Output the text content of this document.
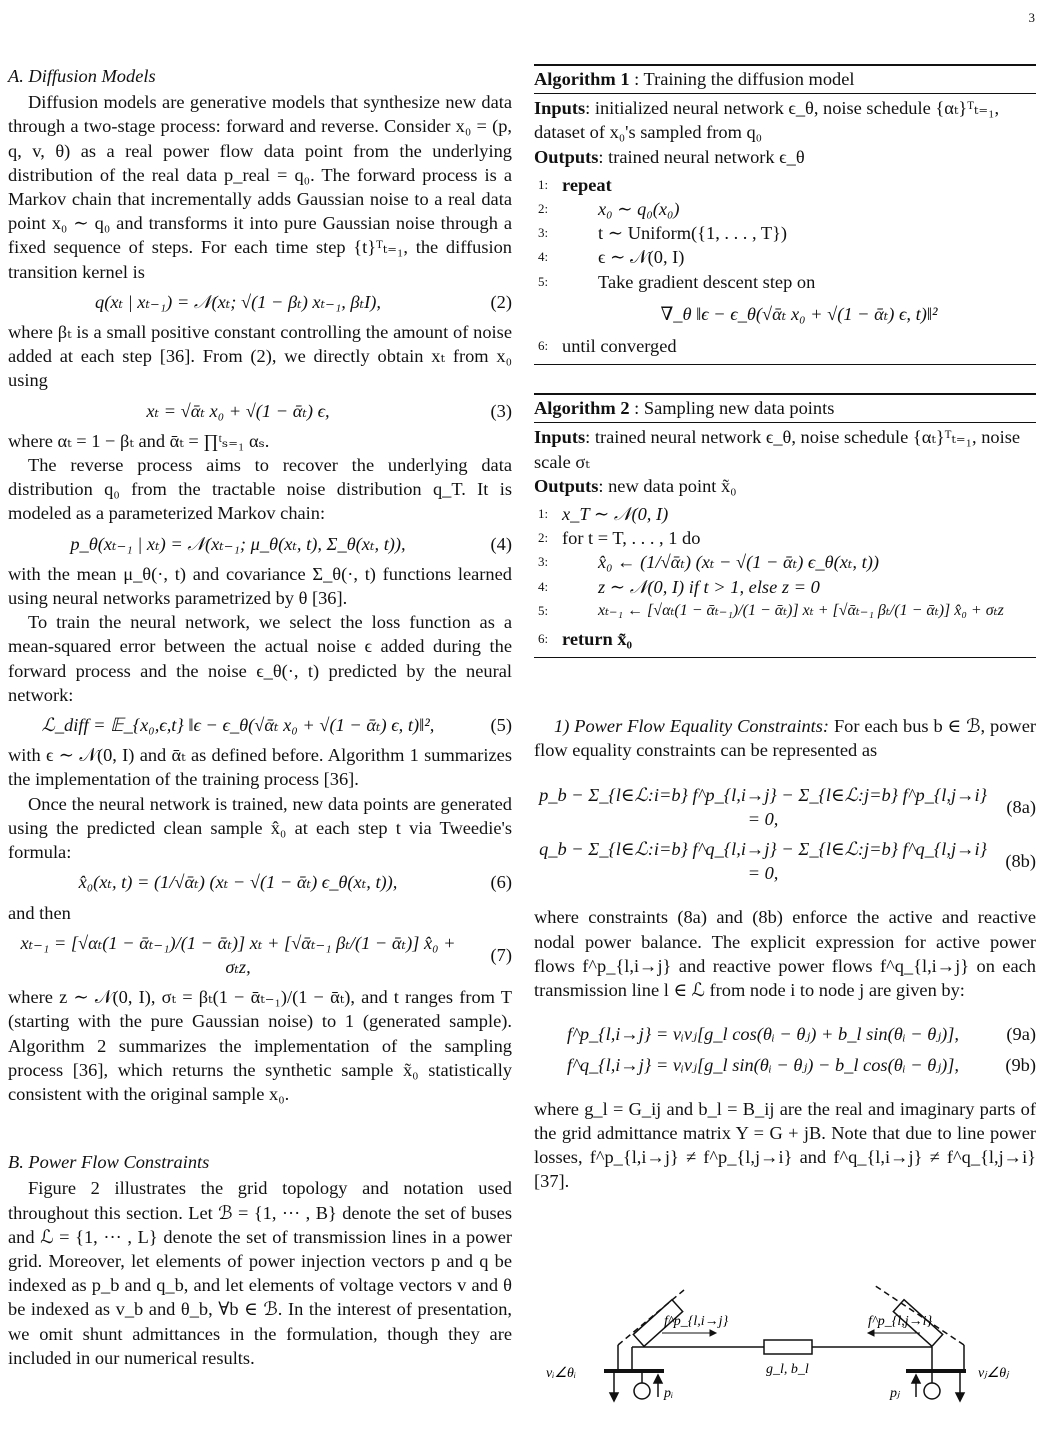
3
A. Diffusion Models

Diffusion models are generative models that synthesize new data through a two-stage process: forward and reverse. Consider x₀ = (p, q, v, θ) as a real power flow data point from the underlying distribution of the real data p_real = q₀. The forward process is a Markov chain that incrementally adds Gaussian noise to a real data point x₀ ∼ q₀ and transforms it into pure Gaussian noise through a fixed sequence of steps. For each time step {t}ᵀₜ₌₁, the diffusion transition kernel is

q(xₜ | xₜ₋₁) = 𝒩(xₜ; √(1 − βₜ) xₜ₋₁, βₜI),	(2)

where βₜ is a small positive constant controlling the amount of noise added at each step [36]. From (2), we directly obtain xₜ from x₀ using

xₜ = √ᾱₜ x₀ + √(1 − ᾱₜ) ϵ,	(3)

where αₜ = 1 − βₜ and ᾱₜ = ∏ᵗₛ₌₁ αₛ.

The reverse process aims to recover the underlying data distribution q₀ from the tractable noise distribution q_T. It is modeled as a parameterized Markov chain:

p_θ(xₜ₋₁ | xₜ) = 𝒩(xₜ₋₁; μ_θ(xₜ, t), Σ_θ(xₜ, t)),	(4)

with the mean μ_θ(·, t) and covariance Σ_θ(·, t) functions learned using neural networks parametrized by θ [36].

To train the neural network, we select the loss function as a mean-squared error between the actual noise ϵ added during the forward process and the noise ϵ_θ(·, t) predicted by the neural network:

ℒ_diff = 𝔼_{x₀,ϵ,t} ‖ϵ − ϵ_θ(√ᾱₜ x₀ + √(1 − ᾱₜ) ϵ, t)‖²,	(5)

with ϵ ∼ 𝒩(0, I) and ᾱₜ as defined before. Algorithm 1 summarizes the implementation of the training process [36].

Once the neural network is trained, new data points are generated using the predicted clean sample x̂₀ at each step t via Tweedie's formula:

x̂₀(xₜ, t) = (1/√ᾱₜ) (xₜ − √(1 − ᾱₜ) ϵ_θ(xₜ, t)),	(6)

and then

xₜ₋₁ = [√αₜ(1 − ᾱₜ₋₁)/(1 − ᾱₜ)] xₜ + [√ᾱₜ₋₁ βₜ/(1 − ᾱₜ)] x̂₀ + σₜz,
(7)

where z ∼ 𝒩(0, I), σₜ = βₜ(1 − ᾱₜ₋₁)/(1 − ᾱₜ), and t ranges from T (starting with the pure Gaussian noise) to 1 (generated sample). Algorithm 2 summarizes the implementation of the sampling process [36], which returns the synthetic sample x̃₀ statistically consistent with the original sample x₀.

B. Power Flow Constraints

Figure 2 illustrates the grid topology and notation used throughout this section. Let ℬ = {1, ··· , B} denote the set of buses and ℒ = {1, ··· , L} denote the set of transmission lines in a power grid. Moreover, let elements of power injection vectors p and q be indexed as p_b and q_b, and let elements of voltage vectors v and θ be indexed as v_b and θ_b, ∀b ∈ ℬ. In the interest of presentation, we omit shunt admittances in the formulation, though they are included in our numerical results.

Algorithm 1 : Training the diffusion model
Inputs: initialized neural network ϵ_θ, noise schedule {αₜ}ᵀₜ₌₁, dataset of x₀'s sampled from q₀
Outputs: trained neural network ϵ_θ
1: repeat
2:	x₀ ∼ q₀(x₀)
3:	t ∼ Uniform({1, . . . , T})
4:	ϵ ∼ 𝒩(0, I)
5:	Take gradient descent step on
∇_θ ‖ϵ − ϵ_θ(√ᾱₜ x₀ + √(1 − ᾱₜ) ϵ, t)‖²
6: until converged
Algorithm 2 : Sampling new data points
Inputs: trained neural network ϵ_θ, noise schedule {αₜ}ᵀₜ₌₁, noise scale σₜ
Outputs: new data point x̃₀
1: x_T ∼ 𝒩(0, I)
2: for t = T, . . . , 1 do
3:	x̂₀ ← (1/√ᾱₜ) (xₜ − √(1 − ᾱₜ) ϵ_θ(xₜ, t))
4:	z ∼ 𝒩(0, I) if t > 1, else z = 0
5:	xₜ₋₁ ← [√αₜ(1 − ᾱₜ₋₁)/(1 − ᾱₜ)] xₜ + [√ᾱₜ₋₁ βₜ/(1 − ᾱₜ)] x̂₀ + σₜz
6: return x̃₀

1) Power Flow Equality Constraints: For each bus b ∈ ℬ, power flow equality constraints can be represented as

p_b − Σ_{l∈ℒ:i=b} f^p_{l,i→j} − Σ_{l∈ℒ:j=b} f^p_{l,j→i} = 0,
(8a)
q_b − Σ_{l∈ℒ:i=b} f^q_{l,i→j} − Σ_{l∈ℒ:j=b} f^q_{l,j→i} = 0,
(8b)

where constraints (8a) and (8b) enforce the active and reactive nodal power balance. The explicit expression for active power flows f^p_{l,i→j} and reactive power flows f^q_{l,i→j} on each transmission line l ∈ ℒ from node i to node j are given by:

f^p_{l,i→j} = vᵢvⱼ[g_l cos(θᵢ − θⱼ) + b_l sin(θᵢ − θⱼ)],	(9a)
f^q_{l,i→j} = vᵢvⱼ[g_l sin(θᵢ − θⱼ) − b_l cos(θᵢ − θⱼ)],	(9b)

where g_l = G_ij and b_l = B_ij are the real and imaginary parts of the grid admittance matrix Y = G + jB. Note that due to line power losses, f^p_{l,i→j} ≠ f^p_{l,j→i} and f^q_{l,i→j} ≠ f^q_{l,j→i} [37].

f^p_{l,i→j}	f^p_{l,j→i}
g_l, b_l
vᵢ∠θᵢ	vⱼ∠θⱼ
pᵢ	pⱼ
